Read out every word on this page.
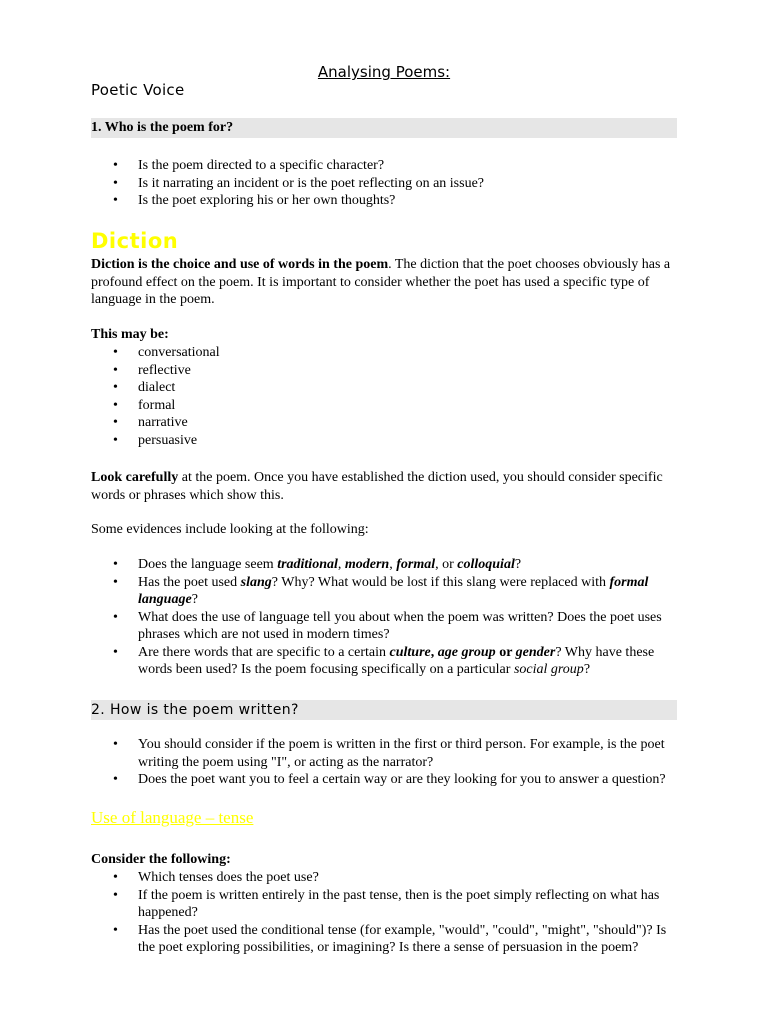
Analysing Poems:
Poetic Voice
1. Who is the poem for?
• Is the poem directed to a specific character?
• Is it narrating an incident or is the poet reflecting on an issue?
• Is the poet exploring his or her own thoughts?
Diction
Diction is the choice and use of words in the poem. The diction that the poet chooses obviously has a profound effect on the poem. It is important to consider whether the poet has used a specific type of language in the poem.
This may be:
• conversational
• reflective
• dialect
• formal
• narrative
• persuasive
Look carefully at the poem. Once you have established the diction used, you should consider specific words or phrases which show this.
Some evidences include looking at the following:
• Does the language seem traditional, modern, formal, or colloquial?
• Has the poet used slang? Why? What would be lost if this slang were replaced with formal language?
• What does the use of language tell you about when the poem was written? Does the poet uses phrases which are not used in modern times?
• Are there words that are specific to a certain culture, age group or gender? Why have these words been used? Is the poem focusing specifically on a particular social group?
2. How is the poem written?
• You should consider if the poem is written in the first or third person. For example, is the poet writing the poem using "I", or acting as the narrator?
• Does the poet want you to feel a certain way or are they looking for you to answer a question?
Use of language – tense
Consider the following:
• Which tenses does the poet use?
• If the poem is written entirely in the past tense, then is the poet simply reflecting on what has happened?
• Has the poet used the conditional tense (for example, "would", "could", "might", "should")? Is the poet exploring possibilities, or imagining? Is there a sense of persuasion in the poem?
